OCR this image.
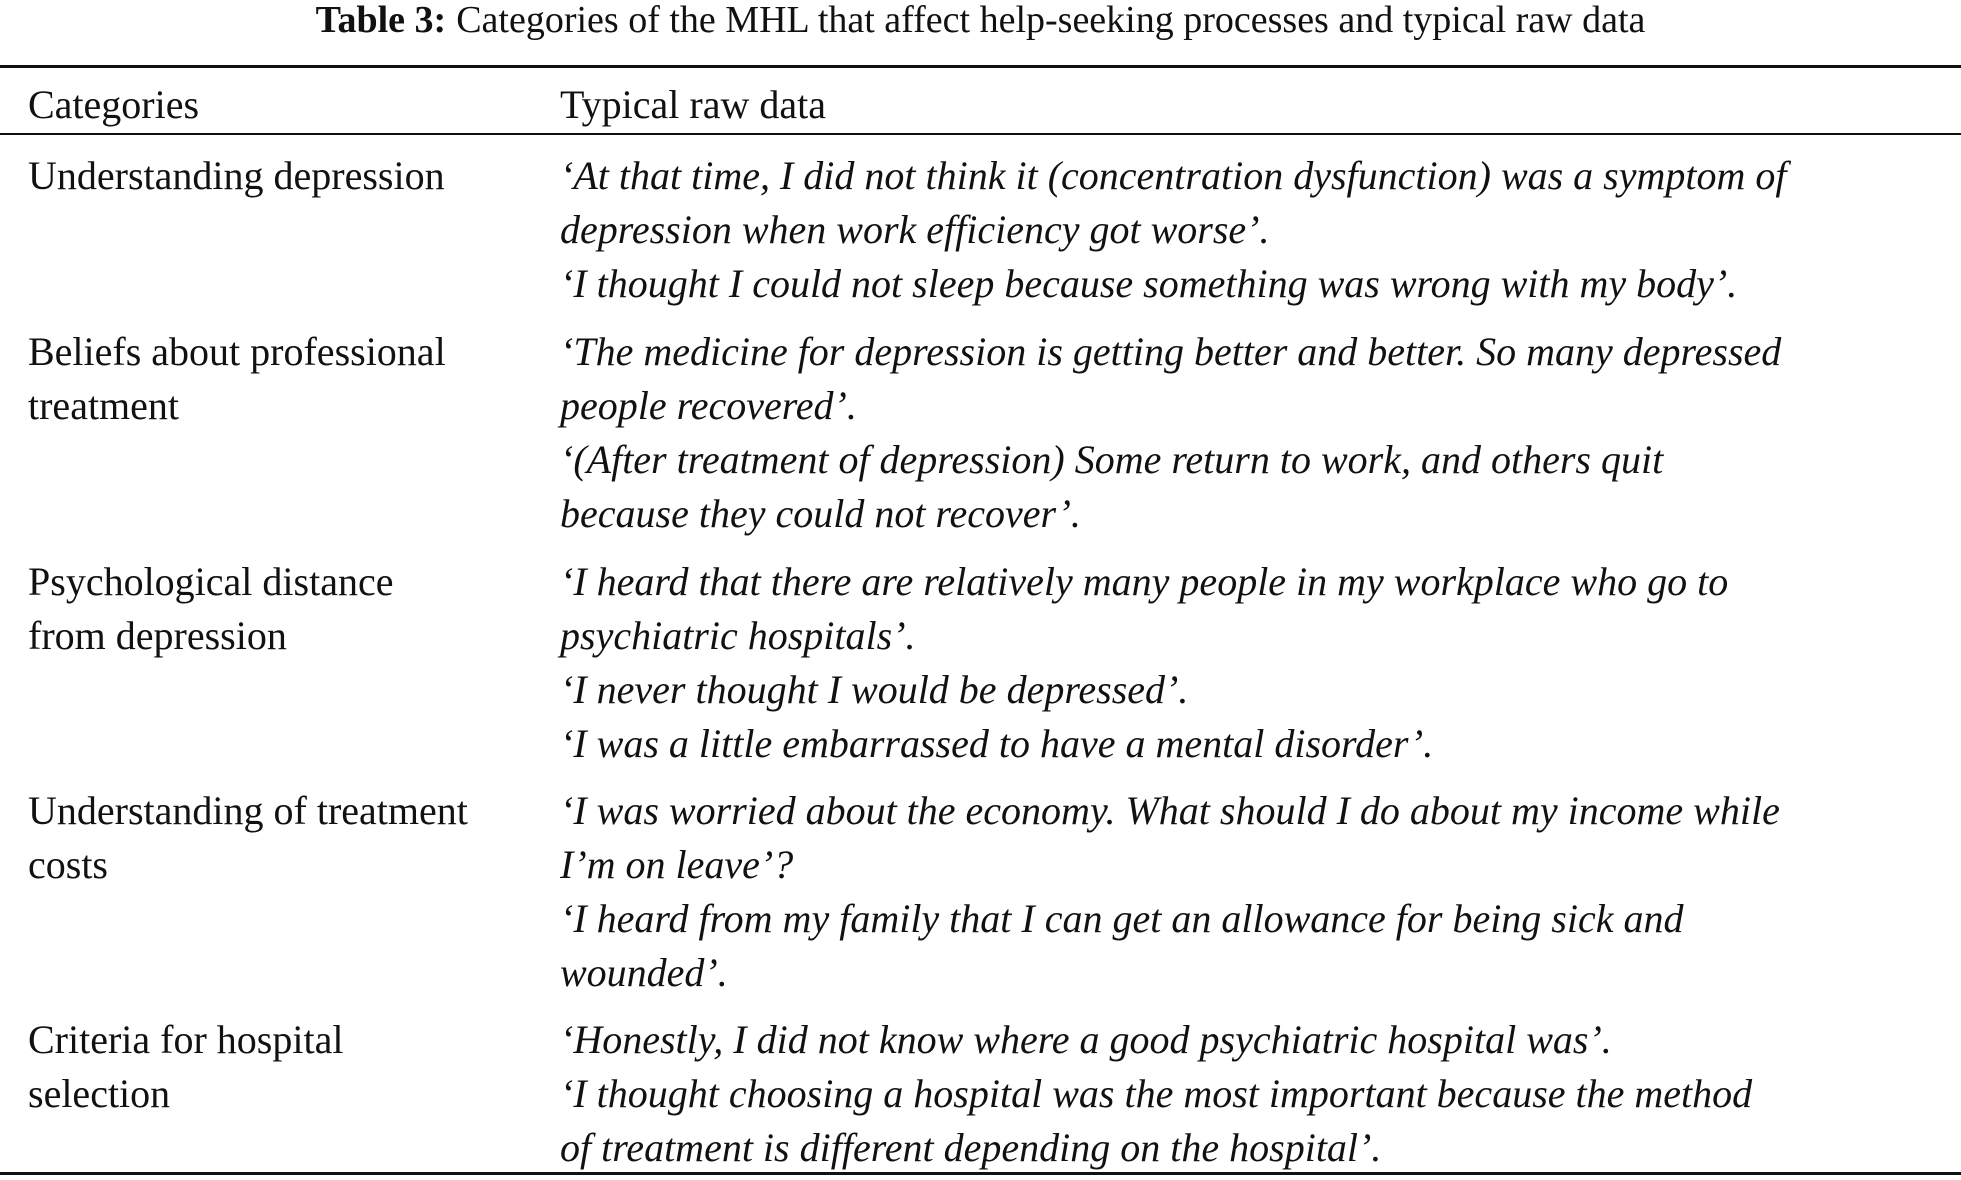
Table 3: Categories of the MHL that affect help-seeking processes and typical raw data
Categories	Typical raw data
Understanding depression	‘At that time, I did not think it (concentration dysfunction) was a symptom of
depression when work efficiency got worse’.
‘I thought I could not sleep because something was wrong with my body’.
Beliefs about professional
treatment
‘The medicine for depression is getting better and better. So many depressed
people recovered’.
‘(After treatment of depression) Some return to work, and others quit
because they could not recover’.
Psychological distance
from depression
‘I heard that there are relatively many people in my workplace who go to
psychiatric hospitals’.
‘I never thought I would be depressed’.
‘I was a little embarrassed to have a mental disorder’.
Understanding of treatment
costs
‘I was worried about the economy. What should I do about my income while
I’m on leave’?
‘I heard from my family that I can get an allowance for being sick and
wounded’.
Criteria for hospital
selection
‘Honestly, I did not know where a good psychiatric hospital was’.
‘I thought choosing a hospital was the most important because the method
of treatment is different depending on the hospital’.
